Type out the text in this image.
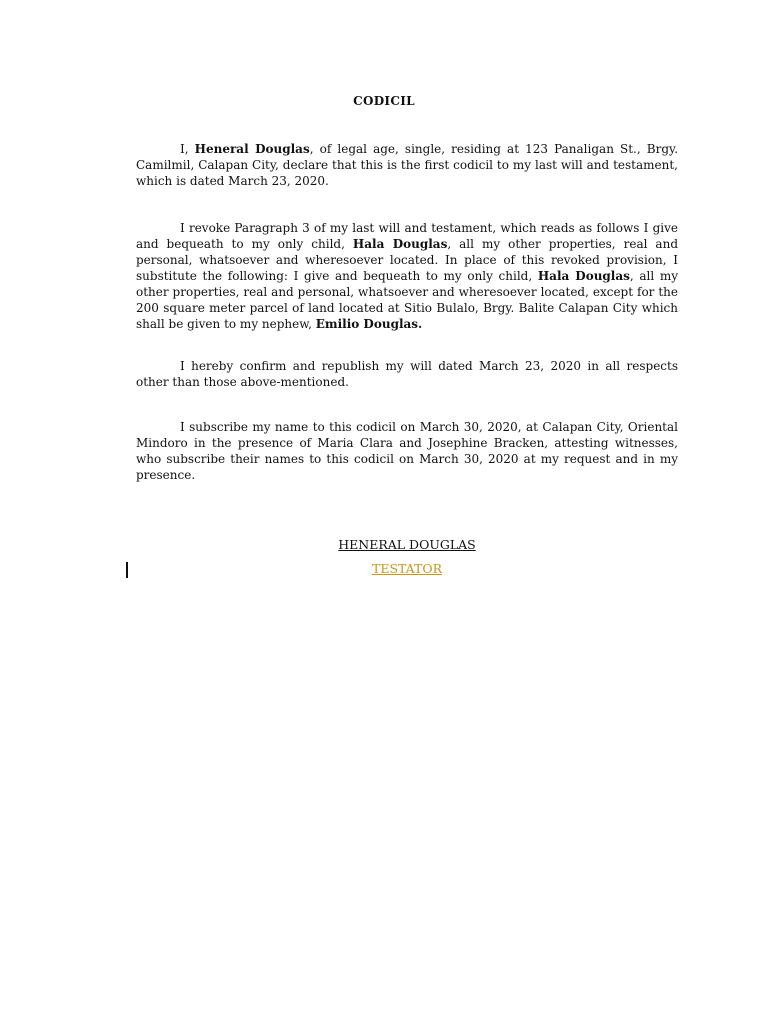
CODICIL

I, Heneral Douglas, of legal age, single, residing at 123 Panaligan St., Brgy. Camilmil, Calapan City, declare that this is the first codicil to my last will and testament, which is dated March 23, 2020.

I revoke Paragraph 3 of my last will and testament, which reads as follows I give and bequeath to my only child, Hala Douglas, all my other properties, real and personal, whatsoever and wheresoever located. In place of this revoked provision, I substitute the following: I give and bequeath to my only child, Hala Douglas, all my other properties, real and personal, whatsoever and wheresoever located, except for the 200 square meter parcel of land located at Sitio Bulalo, Brgy. Balite Calapan City which shall be given to my nephew, Emilio Douglas.

I hereby confirm and republish my will dated March 23, 2020 in all respects other than those above-mentioned.

I subscribe my name to this codicil on March 30, 2020, at Calapan City, Oriental Mindoro in the presence of Maria Clara and Josephine Bracken, attesting witnesses, who subscribe their names to this codicil on March 30, 2020 at my request and in my presence.

HENERAL DOUGLAS
TESTATOR
